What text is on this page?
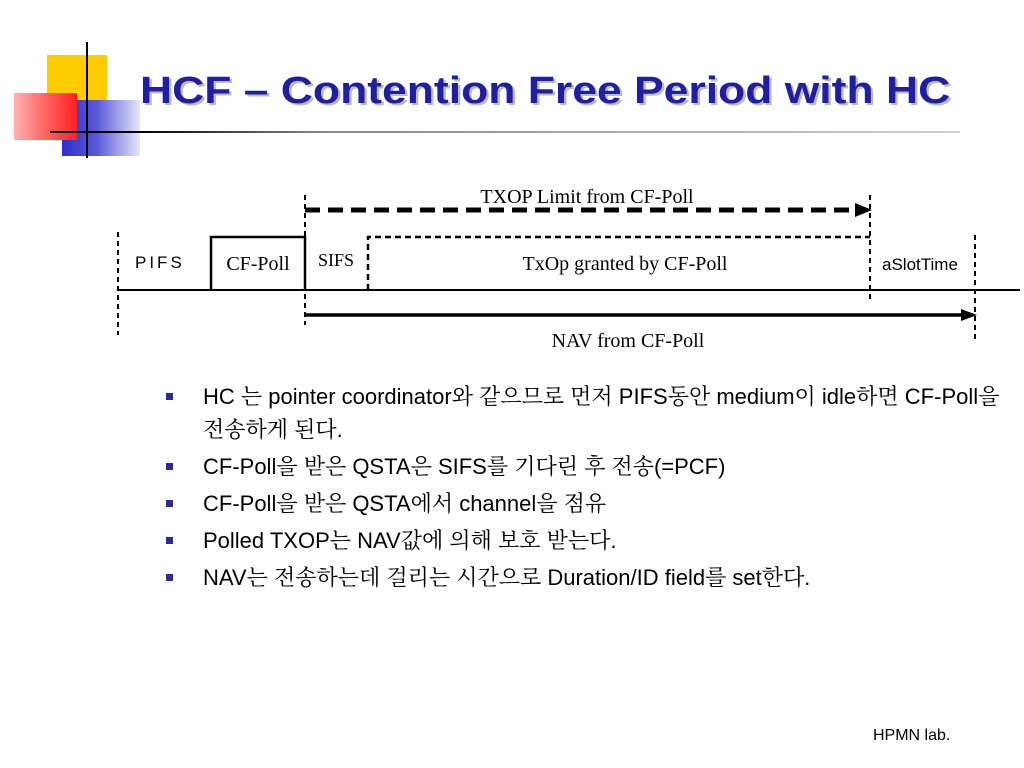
HCF – Contention Free Period with HC
TXOP Limit from CF-Poll
PIFS CF-Poll SIFS	TxOp granted by CF-Poll	aSlotTime
NAV from CF-Poll
HC 는 pointer coordinator와 같으므로 먼저 PIFS동안 medium이 idle하면 CF-Poll을 전송하게 된다.
CF-Poll을 받은 QSTA은 SIFS를 기다린 후 전송(=PCF)
CF-Poll을 받은 QSTA에서 channel을 점유
Polled TXOP는 NAV값에 의해 보호 받는다.
NAV는 전송하는데 걸리는 시간으로 Duration/ID field를 set한다.
HPMN lab.
